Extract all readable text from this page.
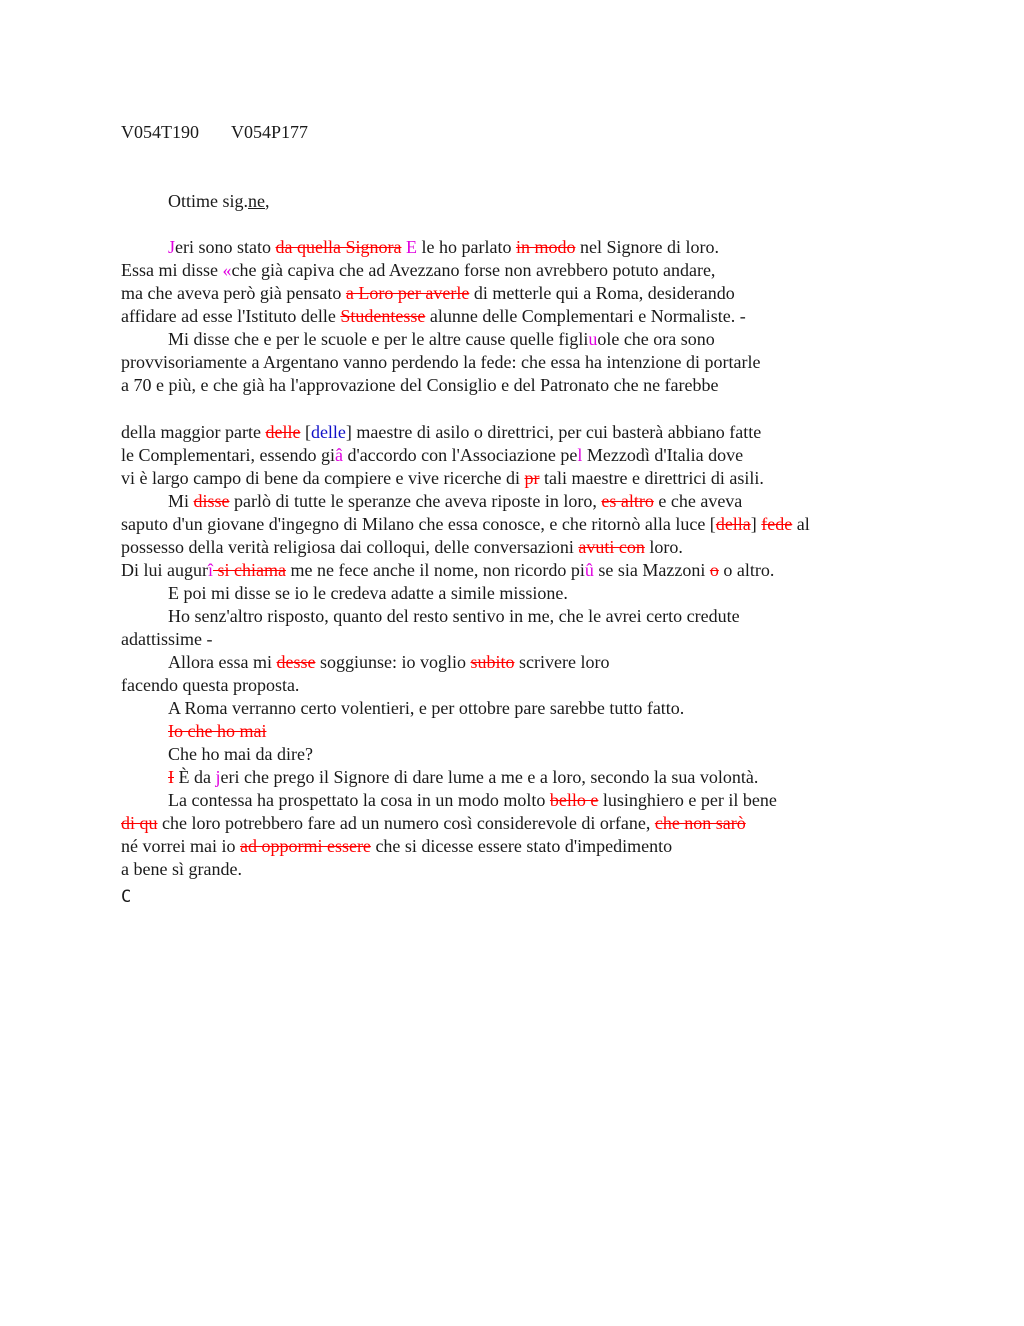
V054T190 V054P177
Ottime sig.ne,
Jeri sono stato da quella Signora E le ho parlato in modo nel Signore di loro.
Essa mi disse «che già capiva che ad Avezzano forse non avrebbero potuto andare,
ma che aveva però già pensato a Loro per averle di metterle qui a Roma, desiderando
affidare ad esse l'Istituto delle Studentesse alunne delle Complementari e Normaliste. -
Mi disse che e per le scuole e per le altre cause quelle figliuole che ora sono
provvisoriamente a Argentano vanno perdendo la fede: che essa ha intenzione di portarle
a 70 e più, e che già ha l'approvazione del Consiglio e del Patronato che ne farebbe
della maggior parte delle [delle] maestre di asilo o direttrici, per cui basterà abbiano fatte
le Complementari, essendo giâ d'accordo con l'Associazione pel Mezzodì d'Italia dove
vi è largo campo di bene da compiere e vive ricerche di pr tali maestre e direttrici di asili.
Mi disse parlò di tutte le speranze che aveva riposte in loro, es altro e che aveva
saputo d'un giovane d'ingegno di Milano che essa conosce, e che ritornò alla luce [della] fede al
possesso della verità religiosa dai colloqui, delle conversazioni avuti con loro.
Di lui augurî si chiama me ne fece anche il nome, non ricordo piû se sia Mazzoni o o altro.
E poi mi disse se io le credeva adatte a simile missione.
Ho senz'altro risposto, quanto del resto sentivo in me, che le avrei certo credute
adattissime -
Allora essa mi desse soggiunse: io voglio subito scrivere loro
facendo questa proposta.
A Roma verranno certo volentieri, e per ottobre pare sarebbe tutto fatto.
Io che ho mai
Che ho mai da dire?
I È da jeri che prego il Signore di dare lume a me e a loro, secondo la sua volontà.
La contessa ha prospettato la cosa in un modo molto bello e lusinghiero e per il bene
di qu che loro potrebbero fare ad un numero così considerevole di orfane, che non sarò
né vorrei mai io ad oppormi essere che si dicesse essere stato d'impedimento
a bene sì grande.
C
